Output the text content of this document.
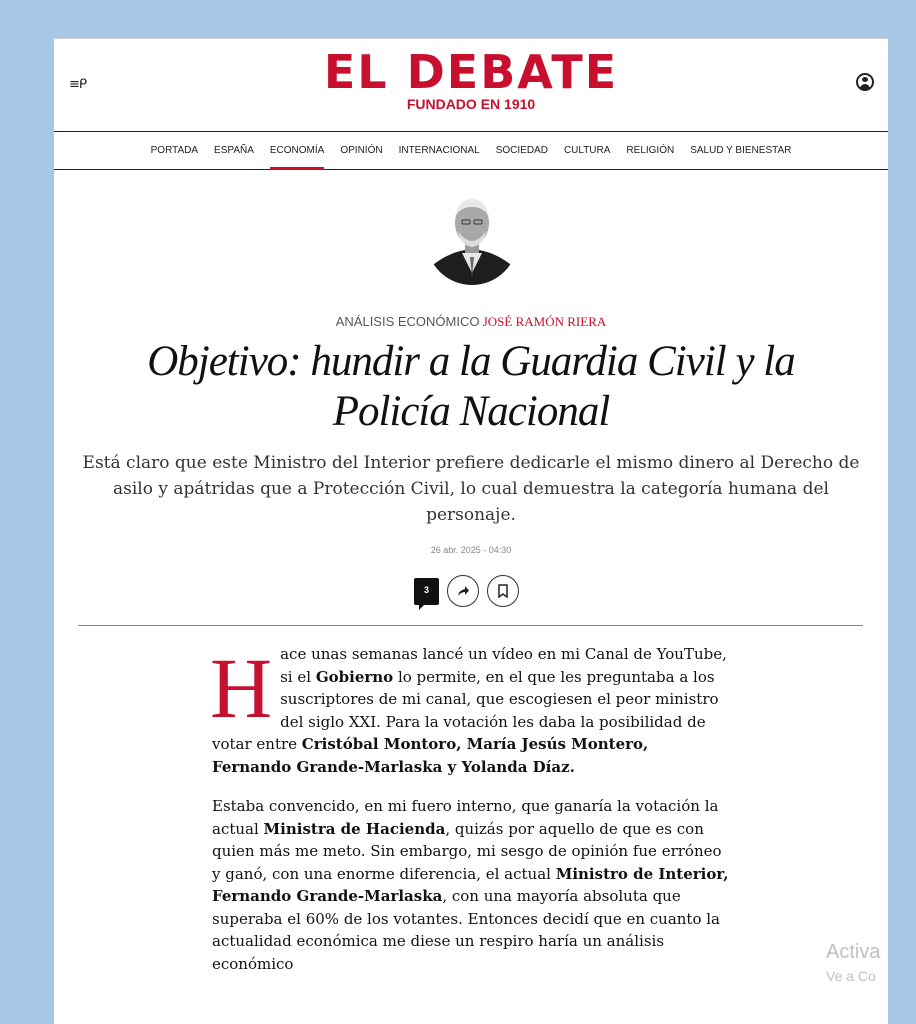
≡ᑭ	EL DEBATE
FUNDADO EN 1910
PORTADA ESPAÑA ECONOMÍA OPINIÓN INTERNACIONAL SOCIEDAD CULTURA RELIGIÓN SALUD Y BIENESTAR
ANÁLISIS ECONÓMICO JOSÉ RAMÓN RIERA
Objetivo: hundir a la Guardia Civil y la Policía Nacional

Está claro que este Ministro del Interior prefiere dedicarle el mismo dinero al Derecho de asilo y apátridas que a Protección Civil, lo cual demuestra la categoría humana del personaje.

26 abr. 2025 - 04:30
3

Hace unas semanas lancé un vídeo en mi Canal de YouTube, si el Gobierno lo permite, en el que les preguntaba a los suscriptores de mi canal, que escogiesen el peor ministro del siglo XXI. Para la votación les daba la posibilidad de votar entre Cristóbal Montoro, María Jesús Montero, Fernando Grande-Marlaska y Yolanda Díaz.

Estaba convencido, en mi fuero interno, que ganaría la votación la actual Ministra de Hacienda, quizás por aquello de que es con quien más me meto. Sin embargo, mi sesgo de opinión fue erróneo y ganó, con una enorme diferencia, el actual Ministro de Interior, Fernando Grande-Marlaska, con una mayoría absoluta que superaba el 60% de los votantes. Entonces decidí que en cuanto la actualidad económica me diese un respiro haría un análisis económico

Activa
Ve a Co
